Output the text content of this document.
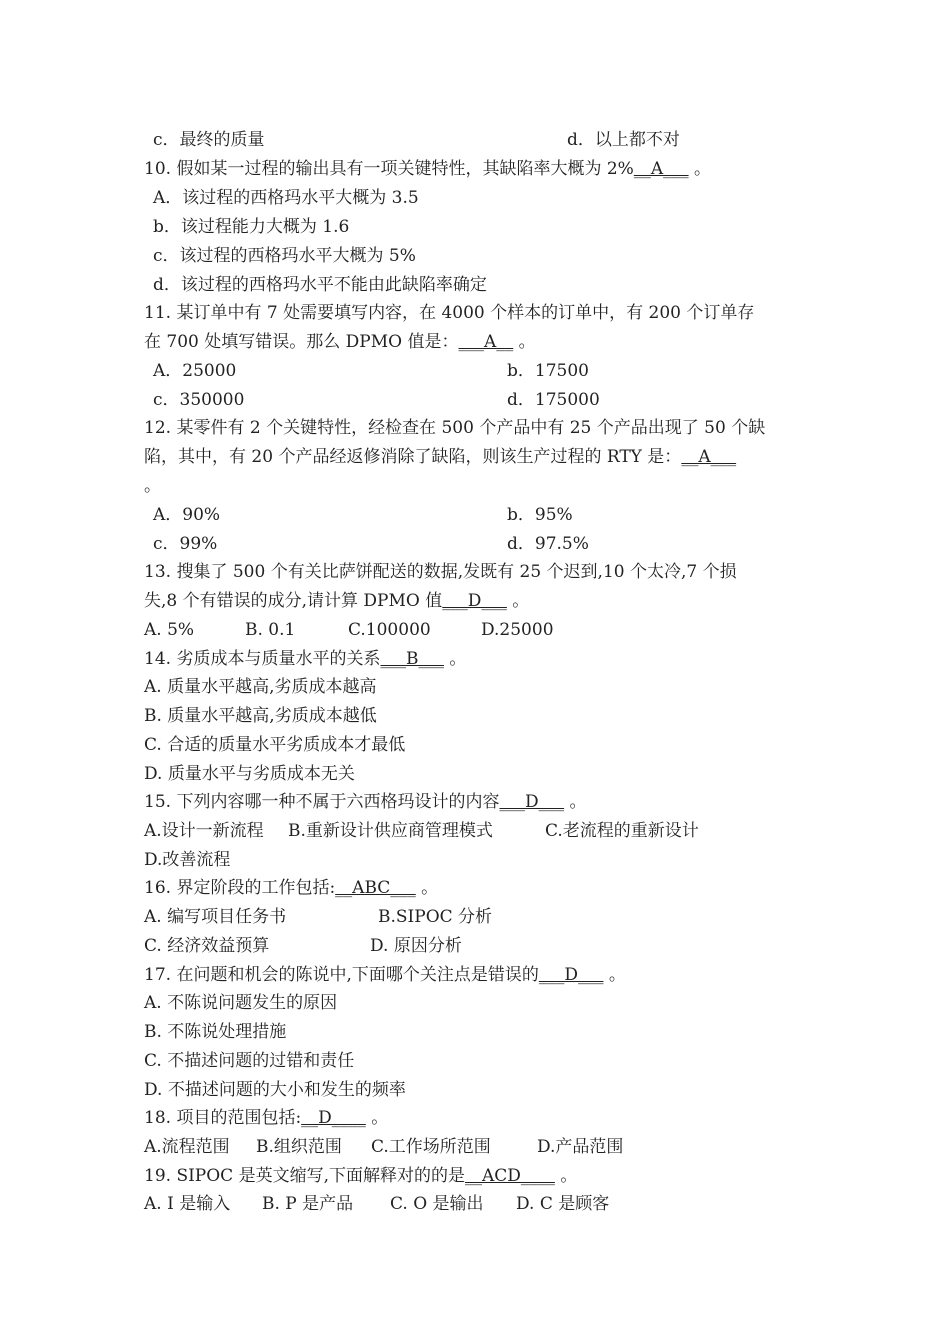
c．最终的质量	d．以上都不对
10. 假如某一过程的输出具有一项关键特性，其缺陷率大概为 2%__A___ 。
A．该过程的西格玛水平大概为 3.5
b．该过程能力大概为 1.6
c．该过程的西格玛水平大概为 5%
d．该过程的西格玛水平不能由此缺陷率确定
11. 某订单中有 7 处需要填写内容，在 4000 个样本的订单中，有 200 个订单存
在 700 处填写错误。那么 DPMO 值是：___A__ 。
A．25000	b．17500
c．350000	d．175000
12. 某零件有 2 个关键特性，经检查在 500 个产品中有 25 个产品出现了 50 个缺
陷，其中，有 20 个产品经返修消除了缺陷，则该生产过程的 RTY 是：__A___
。
A．90%	b．95%
c．99%	d．97.5%
13. 搜集了 500 个有关比萨饼配送的数据,发既有 25 个迟到,10 个太冷,7 个损
失,8 个有错误的成分,请计算 DPMO 值___D___ 。
A. 5%	B. 0.1	C.100000	D.25000
14. 劣质成本与质量水平的关系___B___ 。
A. 质量水平越高,劣质成本越高
B. 质量水平越高,劣质成本越低
C. 合适的质量水平劣质成本才最低
D. 质量水平与劣质成本无关
15. 下列内容哪一种不属于六西格玛设计的内容___D___ 。
A.设计一新流程 B.重新设计供应商管理模式	C.老流程的重新设计
D.改善流程
16. 界定阶段的工作包括:__ABC___ 。
A. 编写项目任务书	B.SIPOC 分析
C. 经济效益预算	D. 原因分析
17. 在问题和机会的陈说中,下面哪个关注点是错误的___D___ 。
A. 不陈说问题发生的原因
B. 不陈说处理措施
C. 不描述问题的过错和责任
D. 不描述问题的大小和发生的频率
18. 项目的范围包括:__D____ 。
A.流程范围 B.组织范围 C.工作场所范围	D.产品范围
19. SIPOC 是英文缩写,下面解释对的的是__ACD____ 。
A. I 是输入 B. P 是产品 C. O 是输出 D. C 是顾客
